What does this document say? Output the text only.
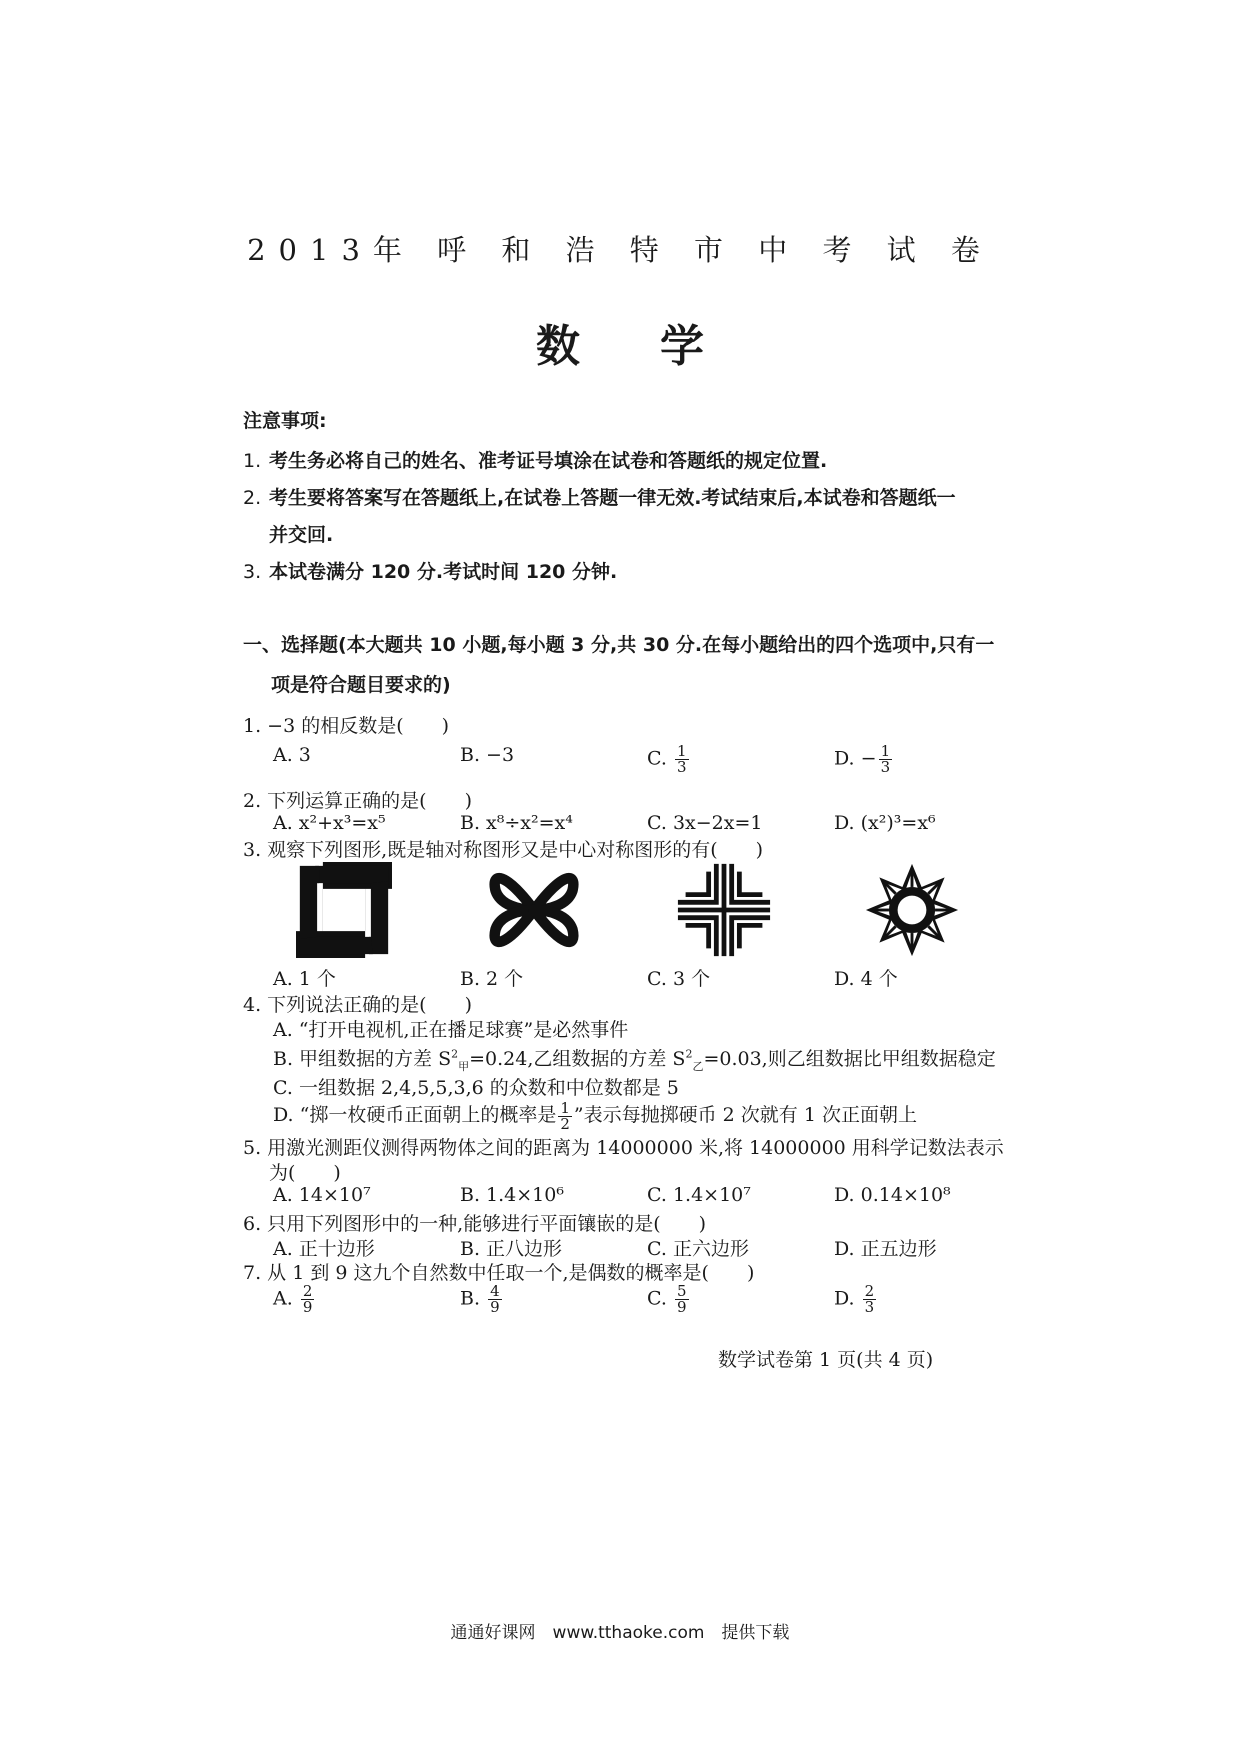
2013年 呼 和 浩 特 市 中 考 试 卷
数学
注意事项:
1. 考生务必将自己的姓名、准考证号填涂在试卷和答题纸的规定位置.
2. 考生要将答案写在答题纸上,在试卷上答题一律无效.考试结束后,本试卷和答题纸一
并交回.
3. 本试卷满分 120 分.考试时间 120 分钟.
一、选择题(本大题共 10 小题,每小题 3 分,共 30 分.在每小题给出的四个选项中,只有一
项是符合题目要求的)
1. −3 的相反数是(　　)
A. 3	B. −3	C. $\frac{1}{3}$	D. − $\frac{1}{3}$
2. 下列运算正确的是(　　)
A. x²+x³=x⁵	B. x⁸÷x²=x⁴	C. 3x−2x=1	D. (x²)³=x⁶
3. 观察下列图形,既是轴对称图形又是中心对称图形的有(　　)
A. 1 个	B. 2 个	C. 3 个	D. 4 个
4. 下列说法正确的是(　　)
A. “打开电视机,正在播足球赛”是必然事件
B. 甲组数据的方差 $S^2_甲=0.24$,乙组数据的方差 $S^2_乙=0.03$,则乙组数据比甲组数据稳定
C. 一组数据 2,4,5,5,3,6 的众数和中位数都是 5
D. “掷一枚硬币正面朝上的概率是 $\frac{1}{2}$ ”表示每抛掷硬币 2 次就有 1 次正面朝上
5. 用激光测距仪测得两物体之间的距离为 14000000 米,将 14000000 用科学记数法表示
为(　　)
A. 14×10⁷	B. 1.4×10⁶	C. 1.4×10⁷	D. 0.14×10⁸
6. 只用下列图形中的一种,能够进行平面镶嵌的是(　　)
A. 正十边形	B. 正八边形	C. 正六边形	D. 正五边形
7. 从 1 到 9 这九个自然数中任取一个,是偶数的概率是(　　)
A. $\frac{2}{9}$	B. $\frac{4}{9}$	C. $\frac{5}{9}$	D. $\frac{2}{3}$
数学试卷第 1 页(共 4 页)
通通好课网　www.tthaoke.com　提供下载
